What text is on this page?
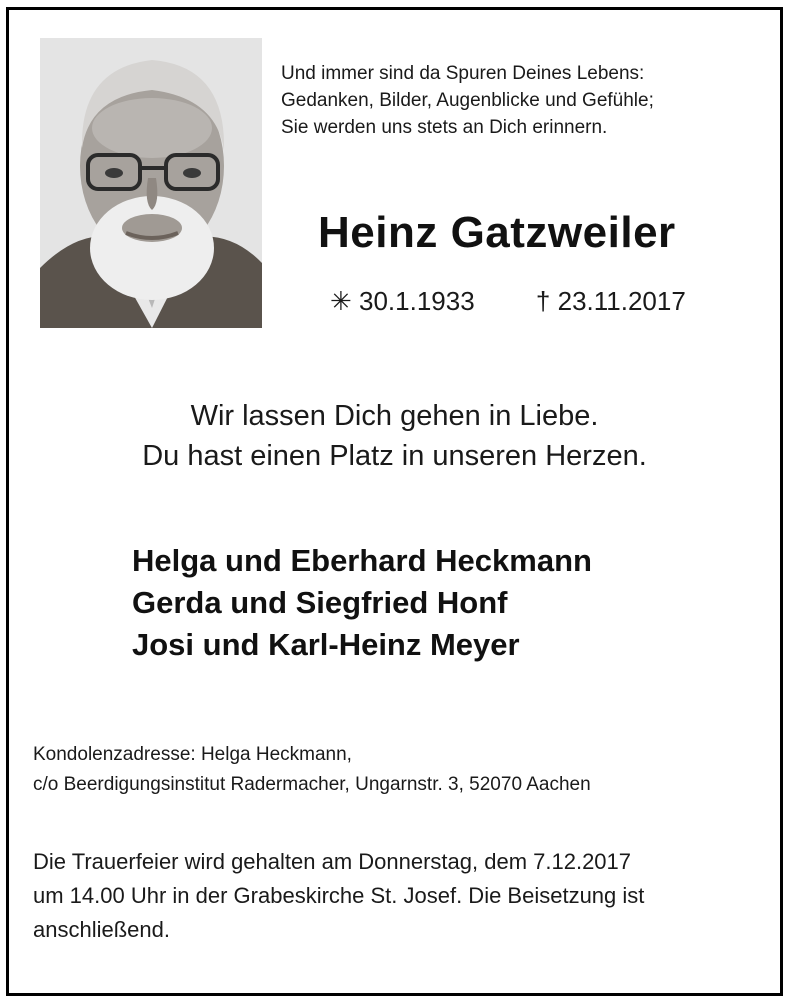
Und immer sind da Spuren Deines Lebens:
Gedanken, Bilder, Augenblicke und Gefühle;
Sie werden uns stets an Dich erinnern.
Heinz Gatzweiler
✳ 30.1.1933 † 23.11.2017
Wir lassen Dich gehen in Liebe.
Du hast einen Platz in unseren Herzen.
Helga und Eberhard Heckmann
Gerda und Siegfried Honf
Josi und Karl-Heinz Meyer
Kondolenzadresse: Helga Heckmann,
c/o Beerdigungsinstitut Radermacher, Ungarnstr. 3, 52070 Aachen
Die Trauerfeier wird gehalten am Donnerstag, dem 7.12.2017
um 14.00 Uhr in der Grabeskirche St. Josef. Die Beisetzung ist
anschließend.
